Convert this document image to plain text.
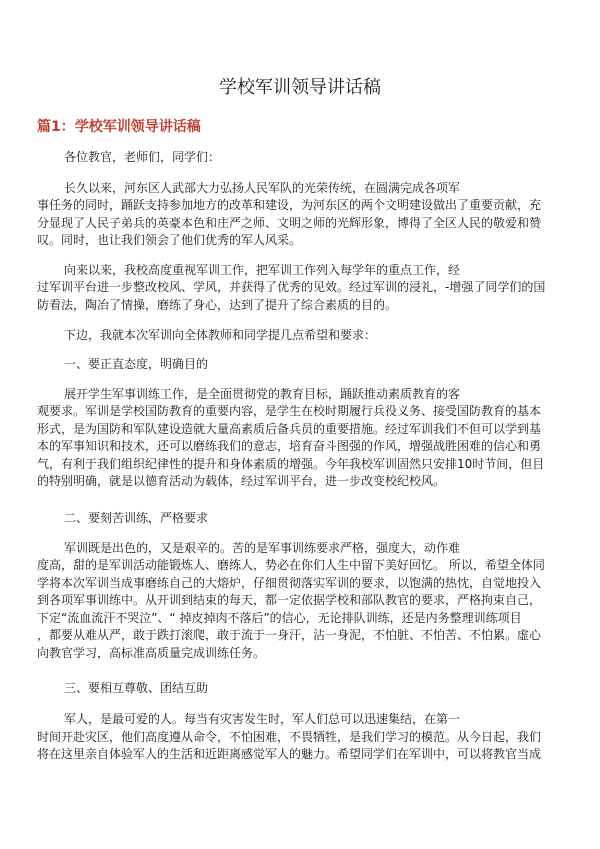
学校军训领导讲话稿
篇1：学校军训领导讲话稿
各位教官，老师们，同学们：
长久以来，河东区人武部大力弘扬人民军队的光荣传统，在圆满完成各项军
事任务的同时，踊跃支持参加地方的改革和建设，为河东区的两个文明建设做出了重要贡献，充
分显现了人民子弟兵的英豪本色和庄严之师、文明之师的光辉形象，博得了全区人民的敬爱和赞
叹。同时，也让我们领会了他们优秀的军人风采。
向来以来，我校高度重视军训工作，把军训工作列入每学年的重点工作，经
过军训平台进一步整改校风、学风，并获得了优秀的见效。经过军训的浸礼，-增强了同学们的国
防看法，陶冶了情操，磨练了身心，达到了提升了综合素质的目的。
下边，我就本次军训向全体教师和同学提几点希望和要求：
一、要正直态度，明确目的
展开学生军事训练工作，是全面贯彻党的教育目标，踊跃推动素质教育的客
观要求。军训是学校国防教育的重要内容，是学生在校时期履行兵役义务、接受国防教育的基本
形式，是为国防和军队建设造就大量高素质后备兵员的重要措施。经过军训我们不但可以学到基
本的军事知识和技术，还可以磨练我们的意志，培育奋斗图强的作风，增强战胜困难的信心和勇
气，有利于我们组织纪律性的提升和身体素质的增强。今年我校军训固然只安排10时节间，但目
的特别明确，就是以德育活动为载体，经过军训平台，进一步改变校纪校风。
二、要刻苦训练，严格要求
军训既是出色的，又是艰辛的。苦的是军事训练要求严格，强度大，动作难
度高，甜的是军训活动能锻炼人、磨练人，势必在你们人生中留下美好回忆。 所以，希望全体同
学将本次军训当成事磨练自己的大熔炉，仔细贯彻落实军训的要求，以饱满的热忱，自觉地投入
到各项军事训练中。从开训到结束的每天，都一定依据学校和部队教官的要求，严格拘束自己，
下定“流血流汗不哭泣”、“ 掉皮掉肉不落后”的信心，无论排队训练，还是内务整理训练项目
，都要从难从严，敢于跌打滚爬，敢于流于一身汗，沾一身泥，不怕脏、不怕苦、不怕累。虚心
向教官学习，高标准高质量完成训练任务。
三、要相互尊敬、团结互助
军人，是最可爱的人。每当有灾害发生时，军人们总可以迅速集结，在第一
时间开赴灾区，他们高度遵从命令，不怕困难，不畏牺牲，是我们学习的模范。从今日起，我们
将在这里亲自体验军人的生活和近距离感觉军人的魅力。希望同学们在军训中，可以将教官当成
